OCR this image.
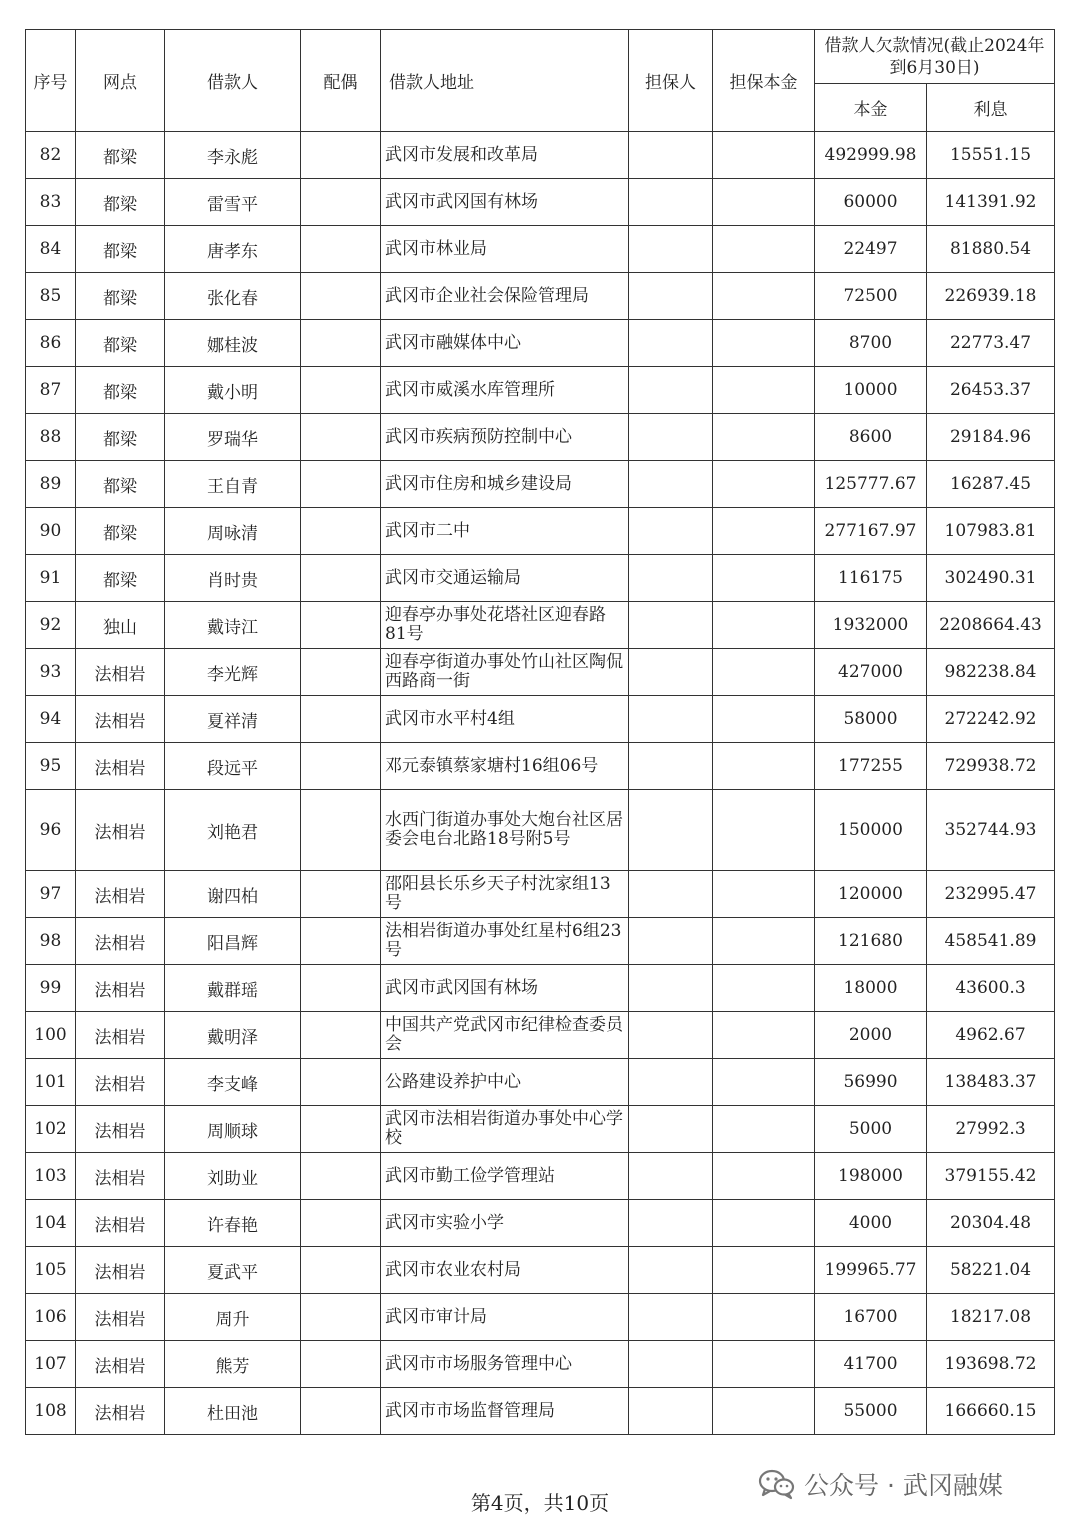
序号	网点	借款人	配偶	借款人地址	担保人	担保本金	借款人欠款情况(截止2024年到6月30日)	
							本金	利息
82	都梁	李永彪		武冈市发展和改革局			492999.98	15551.15
83	都梁	雷雪平		武冈市武冈国有林场			60000	141391.92
84	都梁	唐孝东		武冈市林业局			22497	81880.54
85	都梁	张化春		武冈市企业社会保险管理局			72500	226939.18
86	都梁	娜桂波		武冈市融媒体中心			8700	22773.47
87	都梁	戴小明		武冈市威溪水库管理所			10000	26453.37
88	都梁	罗瑞华		武冈市疾病预防控制中心			8600	29184.96
89	都梁	王自青		武冈市住房和城乡建设局			125777.67	16287.45
90	都梁	周咏清		武冈市二中			277167.97	107983.81
91	都梁	肖时贵		武冈市交通运输局			116175	302490.31
92	独山	戴诗江		迎春亭办事处花塔社区迎春路81号			1932000	2208664.43
93	法相岩	李光辉		迎春亭街道办事处竹山社区陶侃西路商一街			427000	982238.84
94	法相岩	夏祥清		武冈市水平村4组			58000	272242.92
95	法相岩	段远平		邓元泰镇蔡家塘村16组06号			177255	729938.72
96	法相岩	刘艳君		水西门街道办事处大炮台社区居委会电台北路18号附5号			150000	352744.93
97	法相岩	谢四柏		邵阳县长乐乡天子村沈家组13号			120000	232995.47
98	法相岩	阳昌辉		法相岩街道办事处红星村6组23号			121680	458541.89
99	法相岩	戴群瑶		武冈市武冈国有林场			18000	43600.3
100	法相岩	戴明泽		中国共产党武冈市纪律检查委员会			2000	4962.67
101	法相岩	李支峰		公路建设养护中心			56990	138483.37
102	法相岩	周顺球		武冈市法相岩街道办事处中心学校			5000	27992.3
103	法相岩	刘助业		武冈市勤工俭学管理站			198000	379155.42
104	法相岩	许春艳		武冈市实验小学			4000	20304.48
105	法相岩	夏武平		武冈市农业农村局			199965.77	58221.04
106	法相岩	周升		武冈市审计局			16700	18217.08
107	法相岩	熊芳		武冈市市场服务管理中心			41700	193698.72
108	法相岩	杜田池		武冈市市场监督管理局			55000	166660.15
第4页，共10页
公众号 · 武冈融媒
